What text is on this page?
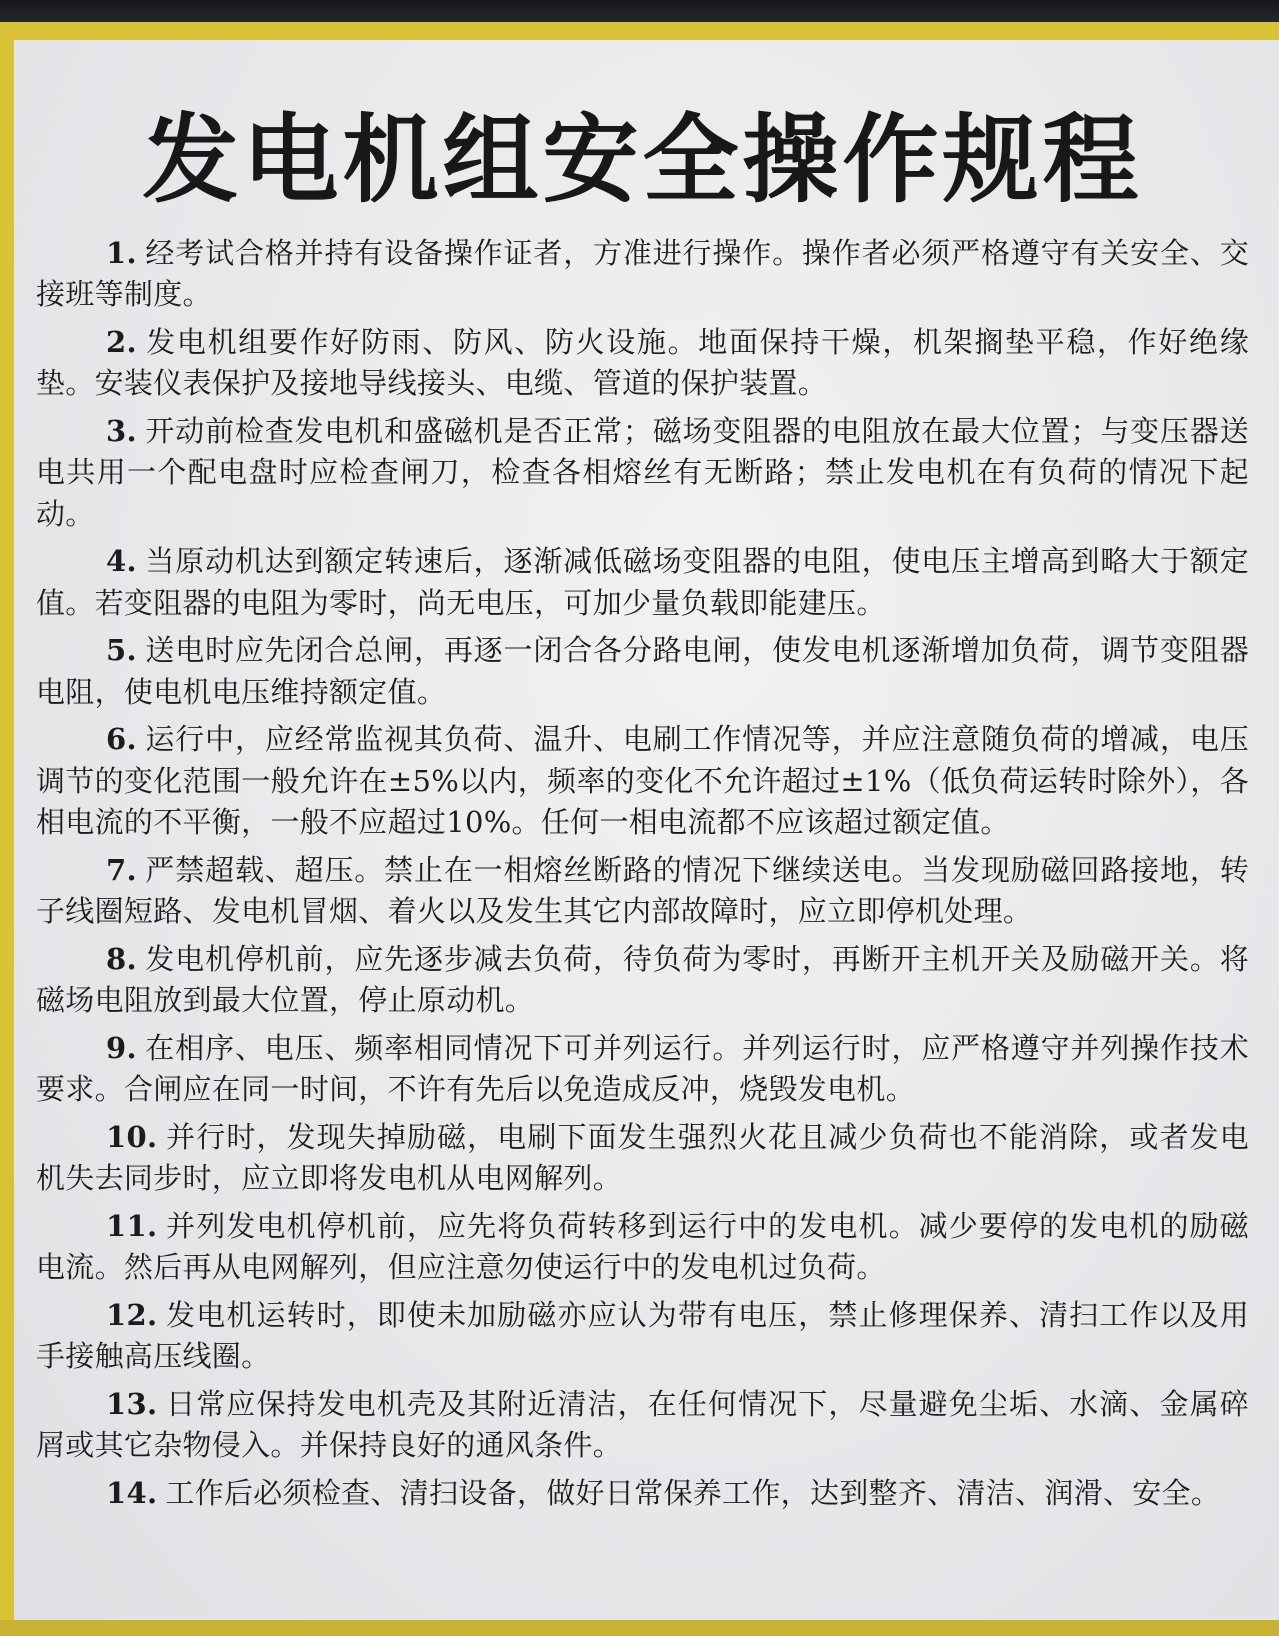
发电机组安全操作规程
1. 经考试合格并持有设备操作证者，方准进行操作。操作者必须严格遵守有关安全、交接班等制度。
2. 发电机组要作好防雨、防风、防火设施。地面保持干燥，机架搁垫平稳，作好绝缘垫。安装仪表保护及接地导线接头、电缆、管道的保护装置。
3. 开动前检查发电机和盛磁机是否正常；磁场变阻器的电阻放在最大位置；与变压器送电共用一个配电盘时应检查闸刀，检查各相熔丝有无断路；禁止发电机在有负荷的情况下起动。
4. 当原动机达到额定转速后，逐渐减低磁场变阻器的电阻，使电压主增高到略大于额定值。若变阻器的电阻为零时，尚无电压，可加少量负载即能建压。
5. 送电时应先闭合总闸，再逐一闭合各分路电闸，使发电机逐渐增加负荷，调节变阻器电阻，使电机电压维持额定值。
6. 运行中，应经常监视其负荷、温升、电刷工作情况等，并应注意随负荷的增减，电压调节的变化范围一般允许在±5%以内，频率的变化不允许超过±1%（低负荷运转时除外），各相电流的不平衡，一般不应超过10%。任何一相电流都不应该超过额定值。
7. 严禁超载、超压。禁止在一相熔丝断路的情况下继续送电。当发现励磁回路接地，转子线圈短路、发电机冒烟、着火以及发生其它内部故障时，应立即停机处理。
8. 发电机停机前，应先逐步减去负荷，待负荷为零时，再断开主机开关及励磁开关。将磁场电阻放到最大位置，停止原动机。
9. 在相序、电压、频率相同情况下可并列运行。并列运行时，应严格遵守并列操作技术要求。合闸应在同一时间，不许有先后以免造成反冲，烧毁发电机。
10. 并行时，发现失掉励磁，电刷下面发生强烈火花且减少负荷也不能消除，或者发电机失去同步时，应立即将发电机从电网解列。
11. 并列发电机停机前，应先将负荷转移到运行中的发电机。减少要停的发电机的励磁电流。然后再从电网解列，但应注意勿使运行中的发电机过负荷。
12. 发电机运转时，即使未加励磁亦应认为带有电压，禁止修理保养、清扫工作以及用手接触高压线圈。
13. 日常应保持发电机壳及其附近清洁，在任何情况下，尽量避免尘垢、水滴、金属碎屑或其它杂物侵入。并保持良好的通风条件。
14. 工作后必须检查、清扫设备，做好日常保养工作，达到整齐、清洁、润滑、安全。
